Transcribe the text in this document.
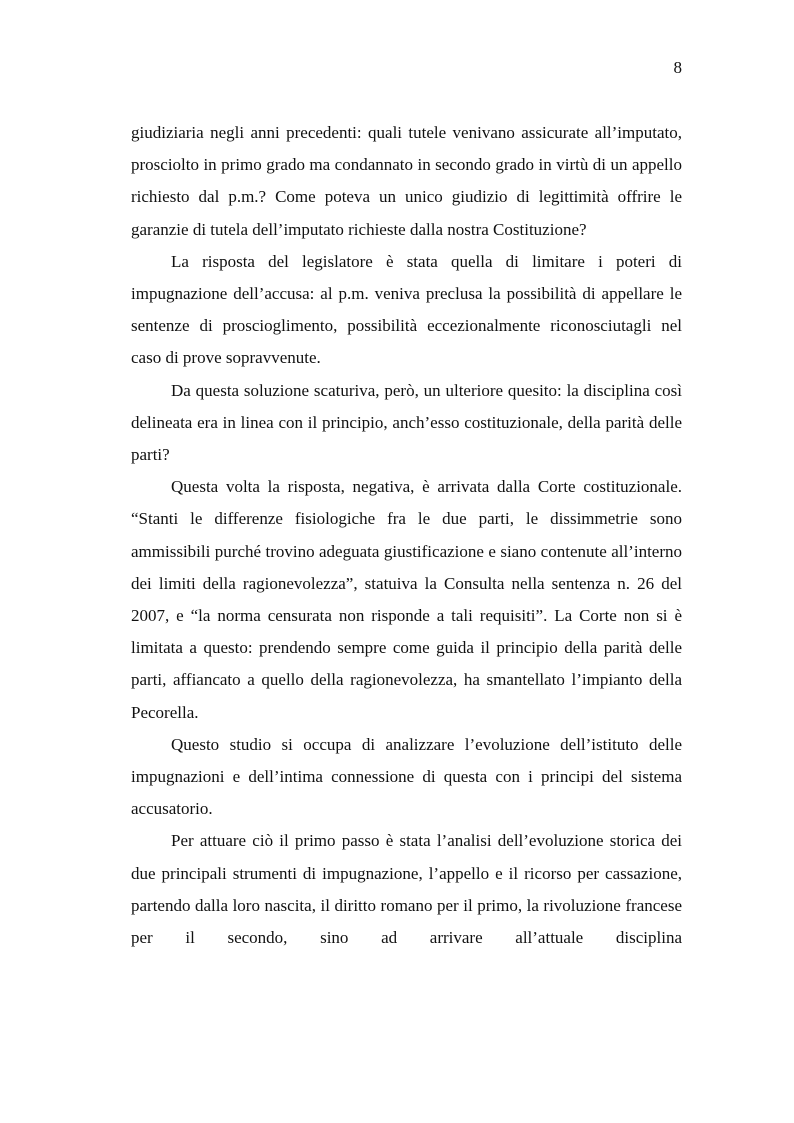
8

giudiziaria negli anni precedenti: quali tutele venivano assicurate all’imputato, prosciolto in primo grado ma condannato in secondo grado in virtù di un appello richiesto dal p.m.? Come poteva un unico giudizio di legittimità offrire le garanzie di tutela dell’imputato richieste dalla nostra Costituzione?

La risposta del legislatore è stata quella di limitare i poteri di impugnazione dell’accusa: al p.m. veniva preclusa la possibilità di appellare le sentenze di proscioglimento, possibilità eccezionalmente riconosciutagli nel caso di prove sopravvenute.

Da questa soluzione scaturiva, però, un ulteriore quesito: la disciplina così delineata era in linea con il principio, anch’esso costituzionale, della parità delle parti?

Questa volta la risposta, negativa, è arrivata dalla Corte costituzionale. “Stanti le differenze fisiologiche fra le due parti, le dissimmetrie sono ammissibili purché trovino adeguata giustificazione e siano contenute all’interno dei limiti della ragionevolezza”, statuiva la Consulta nella sentenza n. 26 del 2007, e “la norma censurata non risponde a tali requisiti”. La Corte non si è limitata a questo: prendendo sempre come guida il principio della parità delle parti, affiancato a quello della ragionevolezza, ha smantellato l’impianto della Pecorella.

Questo studio si occupa di analizzare l’evoluzione dell’istituto delle impugnazioni e dell’intima connessione di questa con i principi del sistema accusatorio.

Per attuare ciò il primo passo è stata l’analisi dell’evoluzione storica dei due principali strumenti di impugnazione, l’appello e il ricorso per cassazione, partendo dalla loro nascita, il diritto romano per il primo, la rivoluzione francese per il secondo, sino ad arrivare all’attuale disciplina
